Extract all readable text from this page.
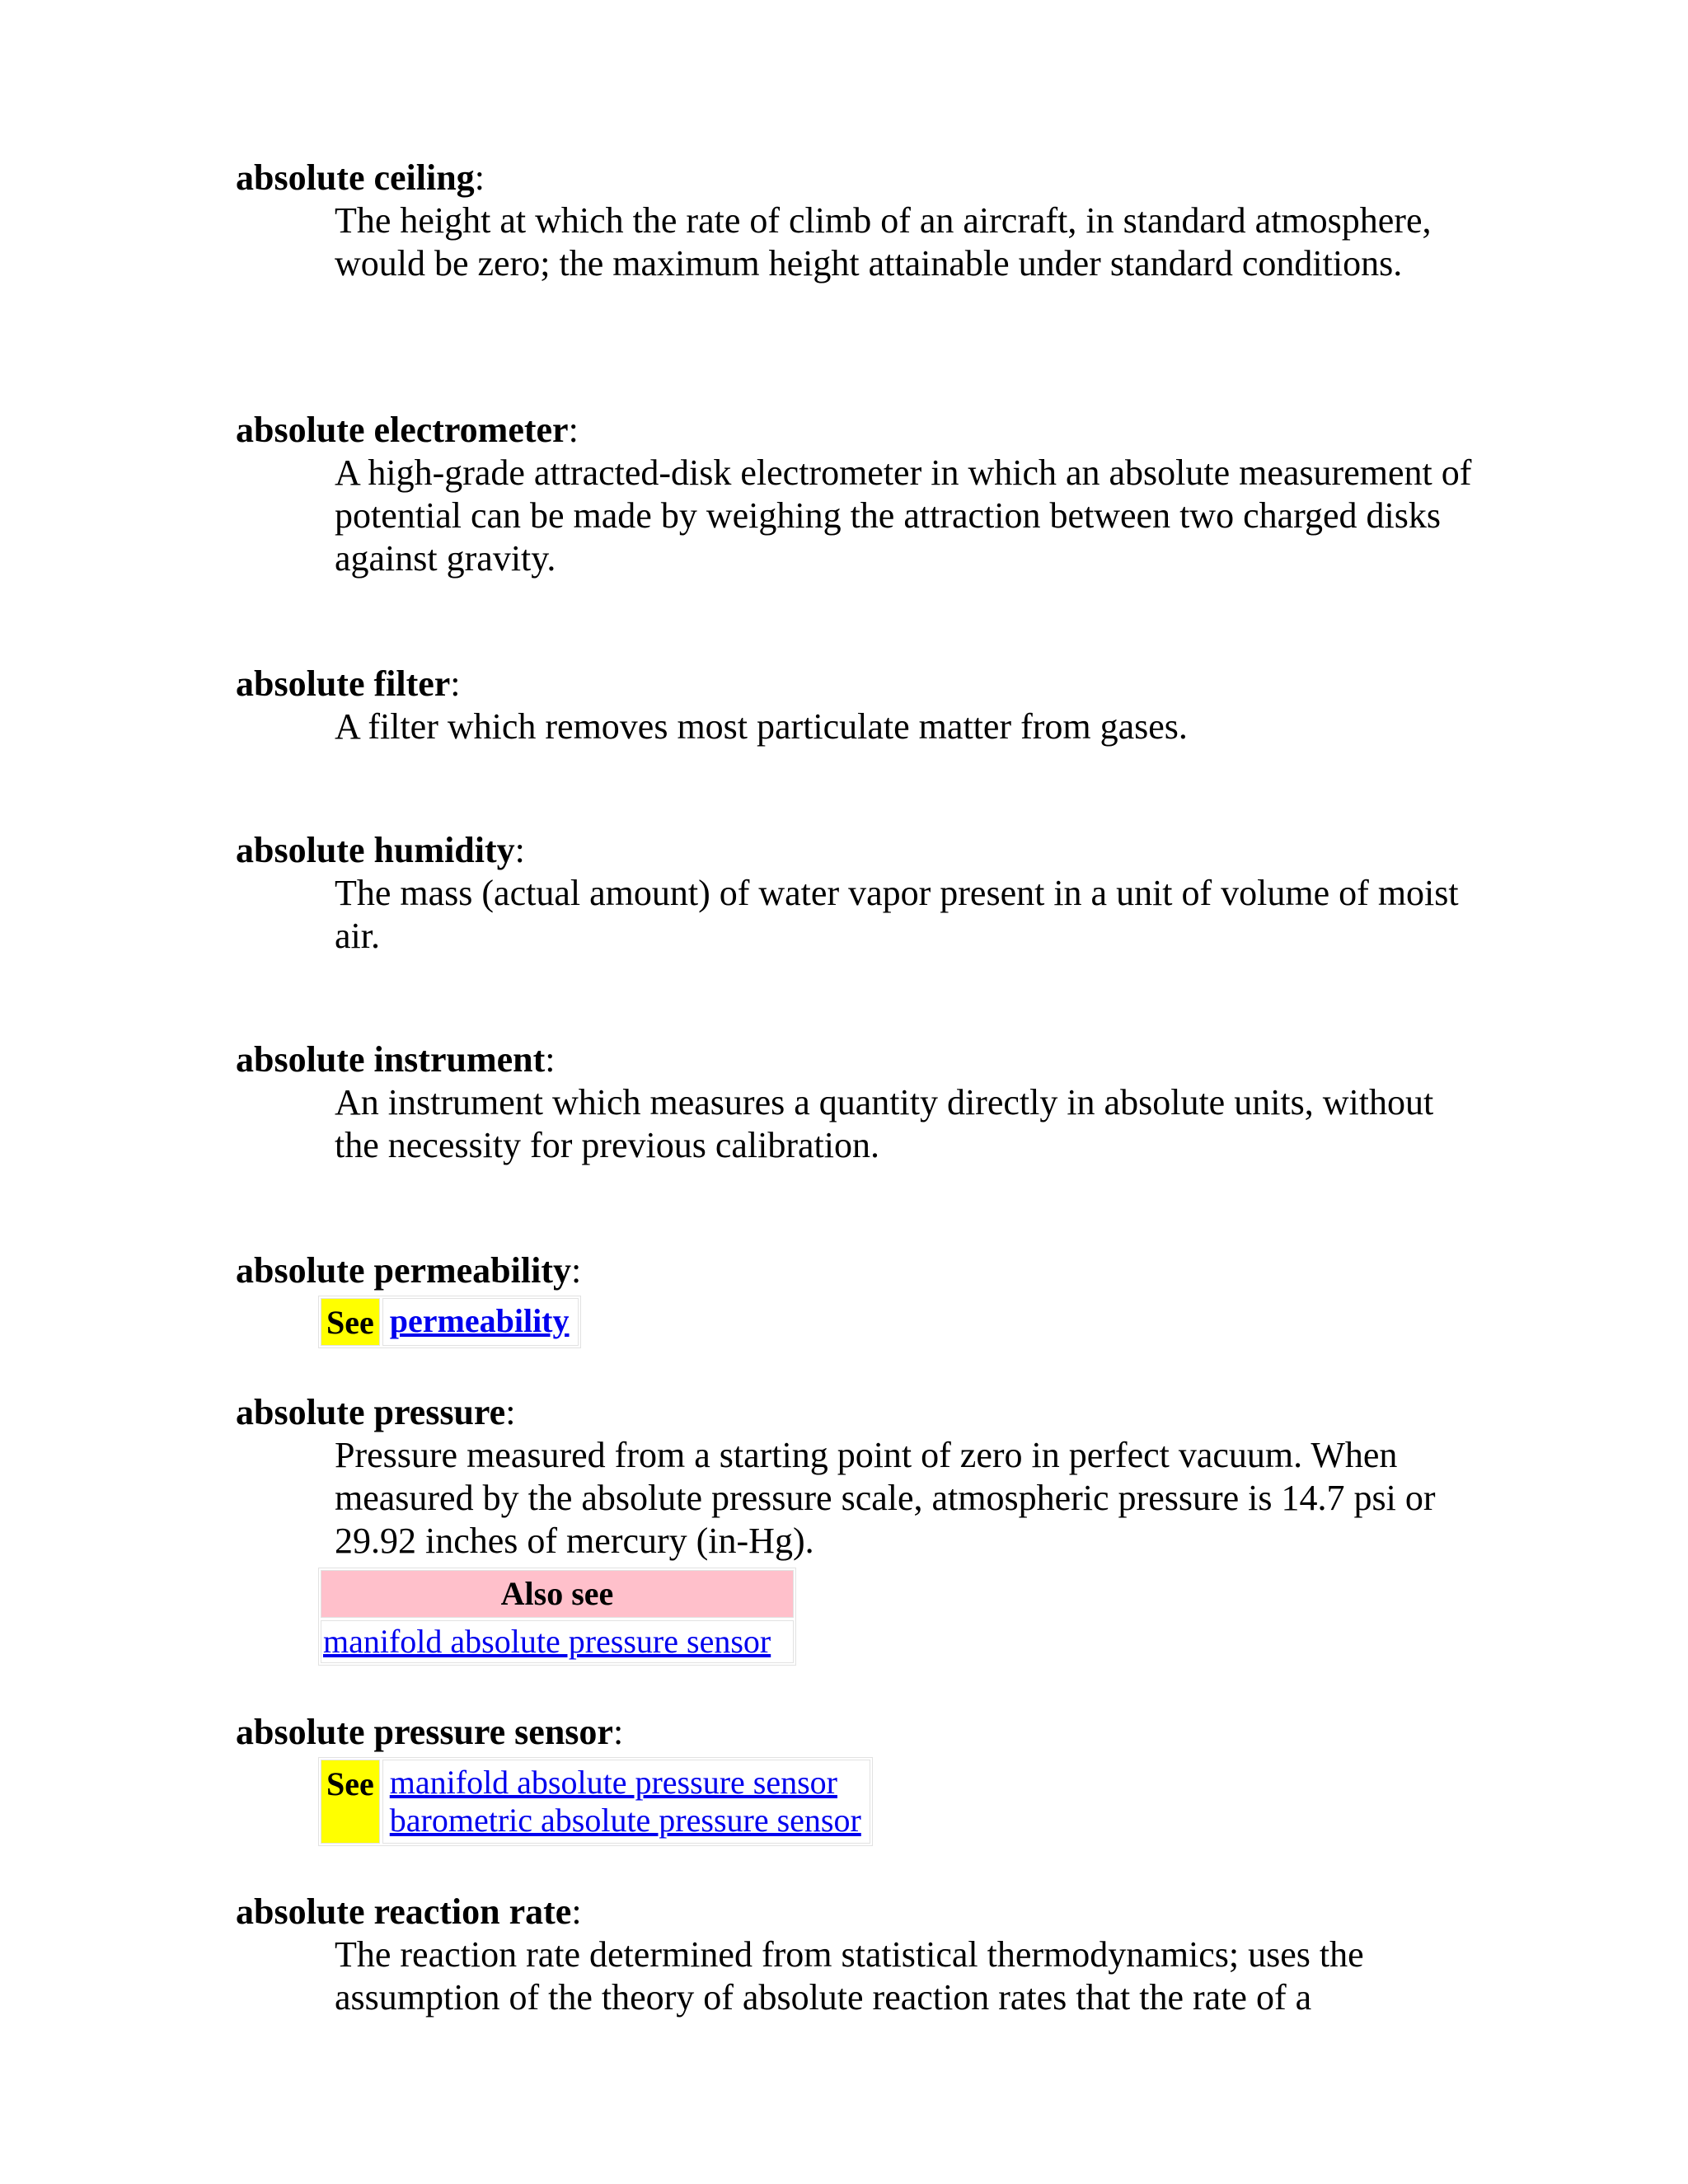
absolute ceiling:
The height at which the rate of climb of an aircraft, in standard atmosphere, would be zero; the maximum height attainable under standard conditions.
absolute electrometer:
A high-grade attracted-disk electrometer in which an absolute measurement of potential can be made by weighing the attraction between two charged disks against gravity.
absolute filter:
A filter which removes most particulate matter from gases.
absolute humidity:
The mass (actual amount) of water vapor present in a unit of volume of moist air.
absolute instrument:
An instrument which measures a quantity directly in absolute units, without the necessity for previous calibration.
absolute permeability:
See permeability
absolute pressure:
Pressure measured from a starting point of zero in perfect vacuum. When measured by the absolute pressure scale, atmospheric pressure is 14.7 psi or 29.92 inches of mercury (in-Hg).
Also see
manifold absolute pressure sensor
absolute pressure sensor:
See manifold absolute pressure sensor
barometric absolute pressure sensor
absolute reaction rate:
The reaction rate determined from statistical thermodynamics; uses the assumption of the theory of absolute reaction rates that the rate of a
